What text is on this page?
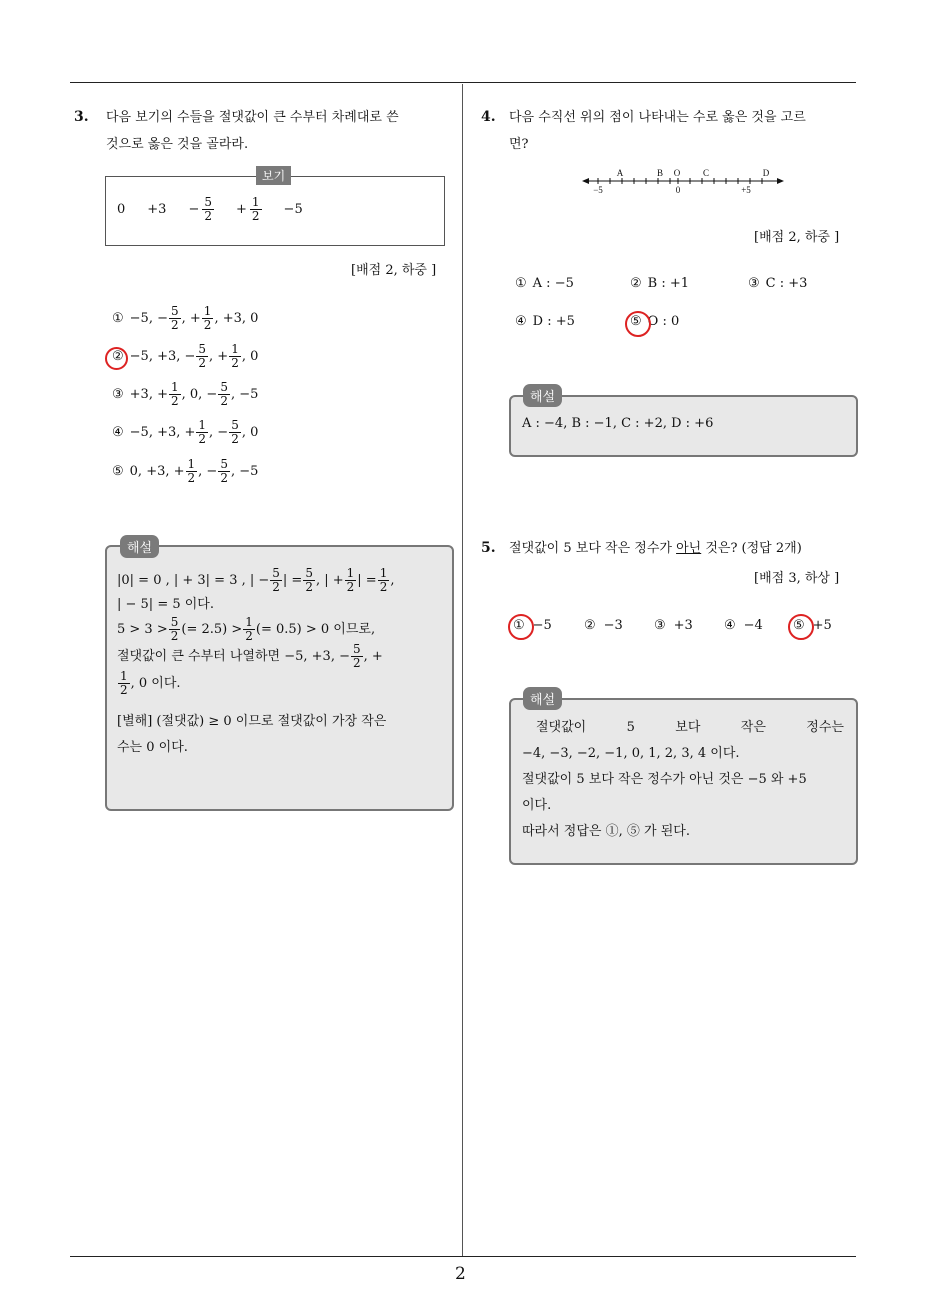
2
3. 다음 보기의 수들을 절댓값이 큰 수부터 차례대로 쓴
것으로 옳은 것을 골라라.
보기
$0 +3 - \frac{5}{2} + \frac{1}{2} -5$
[배점 2, 하중 ]
① −5, − $\frac{5}{2}$ , + $\frac{1}{2}$ , +3, 0
② −5, +3, − $\frac{5}{2}$ , + $\frac{1}{2}$ , 0
③ +3, + $\frac{1}{2}$ , 0, − $\frac{5}{2}$ , −5
④ −5, +3, + $\frac{1}{2}$ , − $\frac{5}{2}$ , 0
⑤ 0, +3, + $\frac{1}{2}$ , − $\frac{5}{2}$ , −5
해설
|0| = 0 , | + 3| = 3 , | − $\frac{5}{2}$ | = $\frac{5}{2}$ , | + $\frac{1}{2}$ | = $\frac{1}{2}$ ,
| − 5| = 5 이다.
$5 > 3 > \frac{5}{2}$ (= $2.5) > \frac{1}{2}$ (= 0.5) > 0 이므로,
절댓값이 큰 수부터 나열하면 −5, +3, − $\frac{5}{2}$ , +
$\frac{1}{2}$ , 0 이다.
[별해] (절댓값) ≥ 0 이므로 절댓값이 가장 작은
수는 0 이다.
4. 다음 수직선 위의 점이 나타내는 수로 옳은 것을 고르
면?
A	B O	C	D
−5	0	+5
[배점 2, 하중 ]
① A : −5	② B : +1	③ C : +3
④ D : +5	⑤ O : 0
해설
A : −4, B : −1, C : +2, D : +6
5. 절댓값이 5 보다 작은 정수가 아닌 것은? (정답 2개)
[배점 3, 하상 ]
① −5 ② −3 ③ +3 ④ −4 ⑤ +5
해설
절댓값이	5	보다	작은	정수는
−4, −3, −2, −1, 0, 1, 2, 3, 4 이다.
절댓값이 5 보다 작은 정수가 아닌 것은 −5 와 +5
이다.
따라서 정답은 ①, ⑤ 가 된다.
